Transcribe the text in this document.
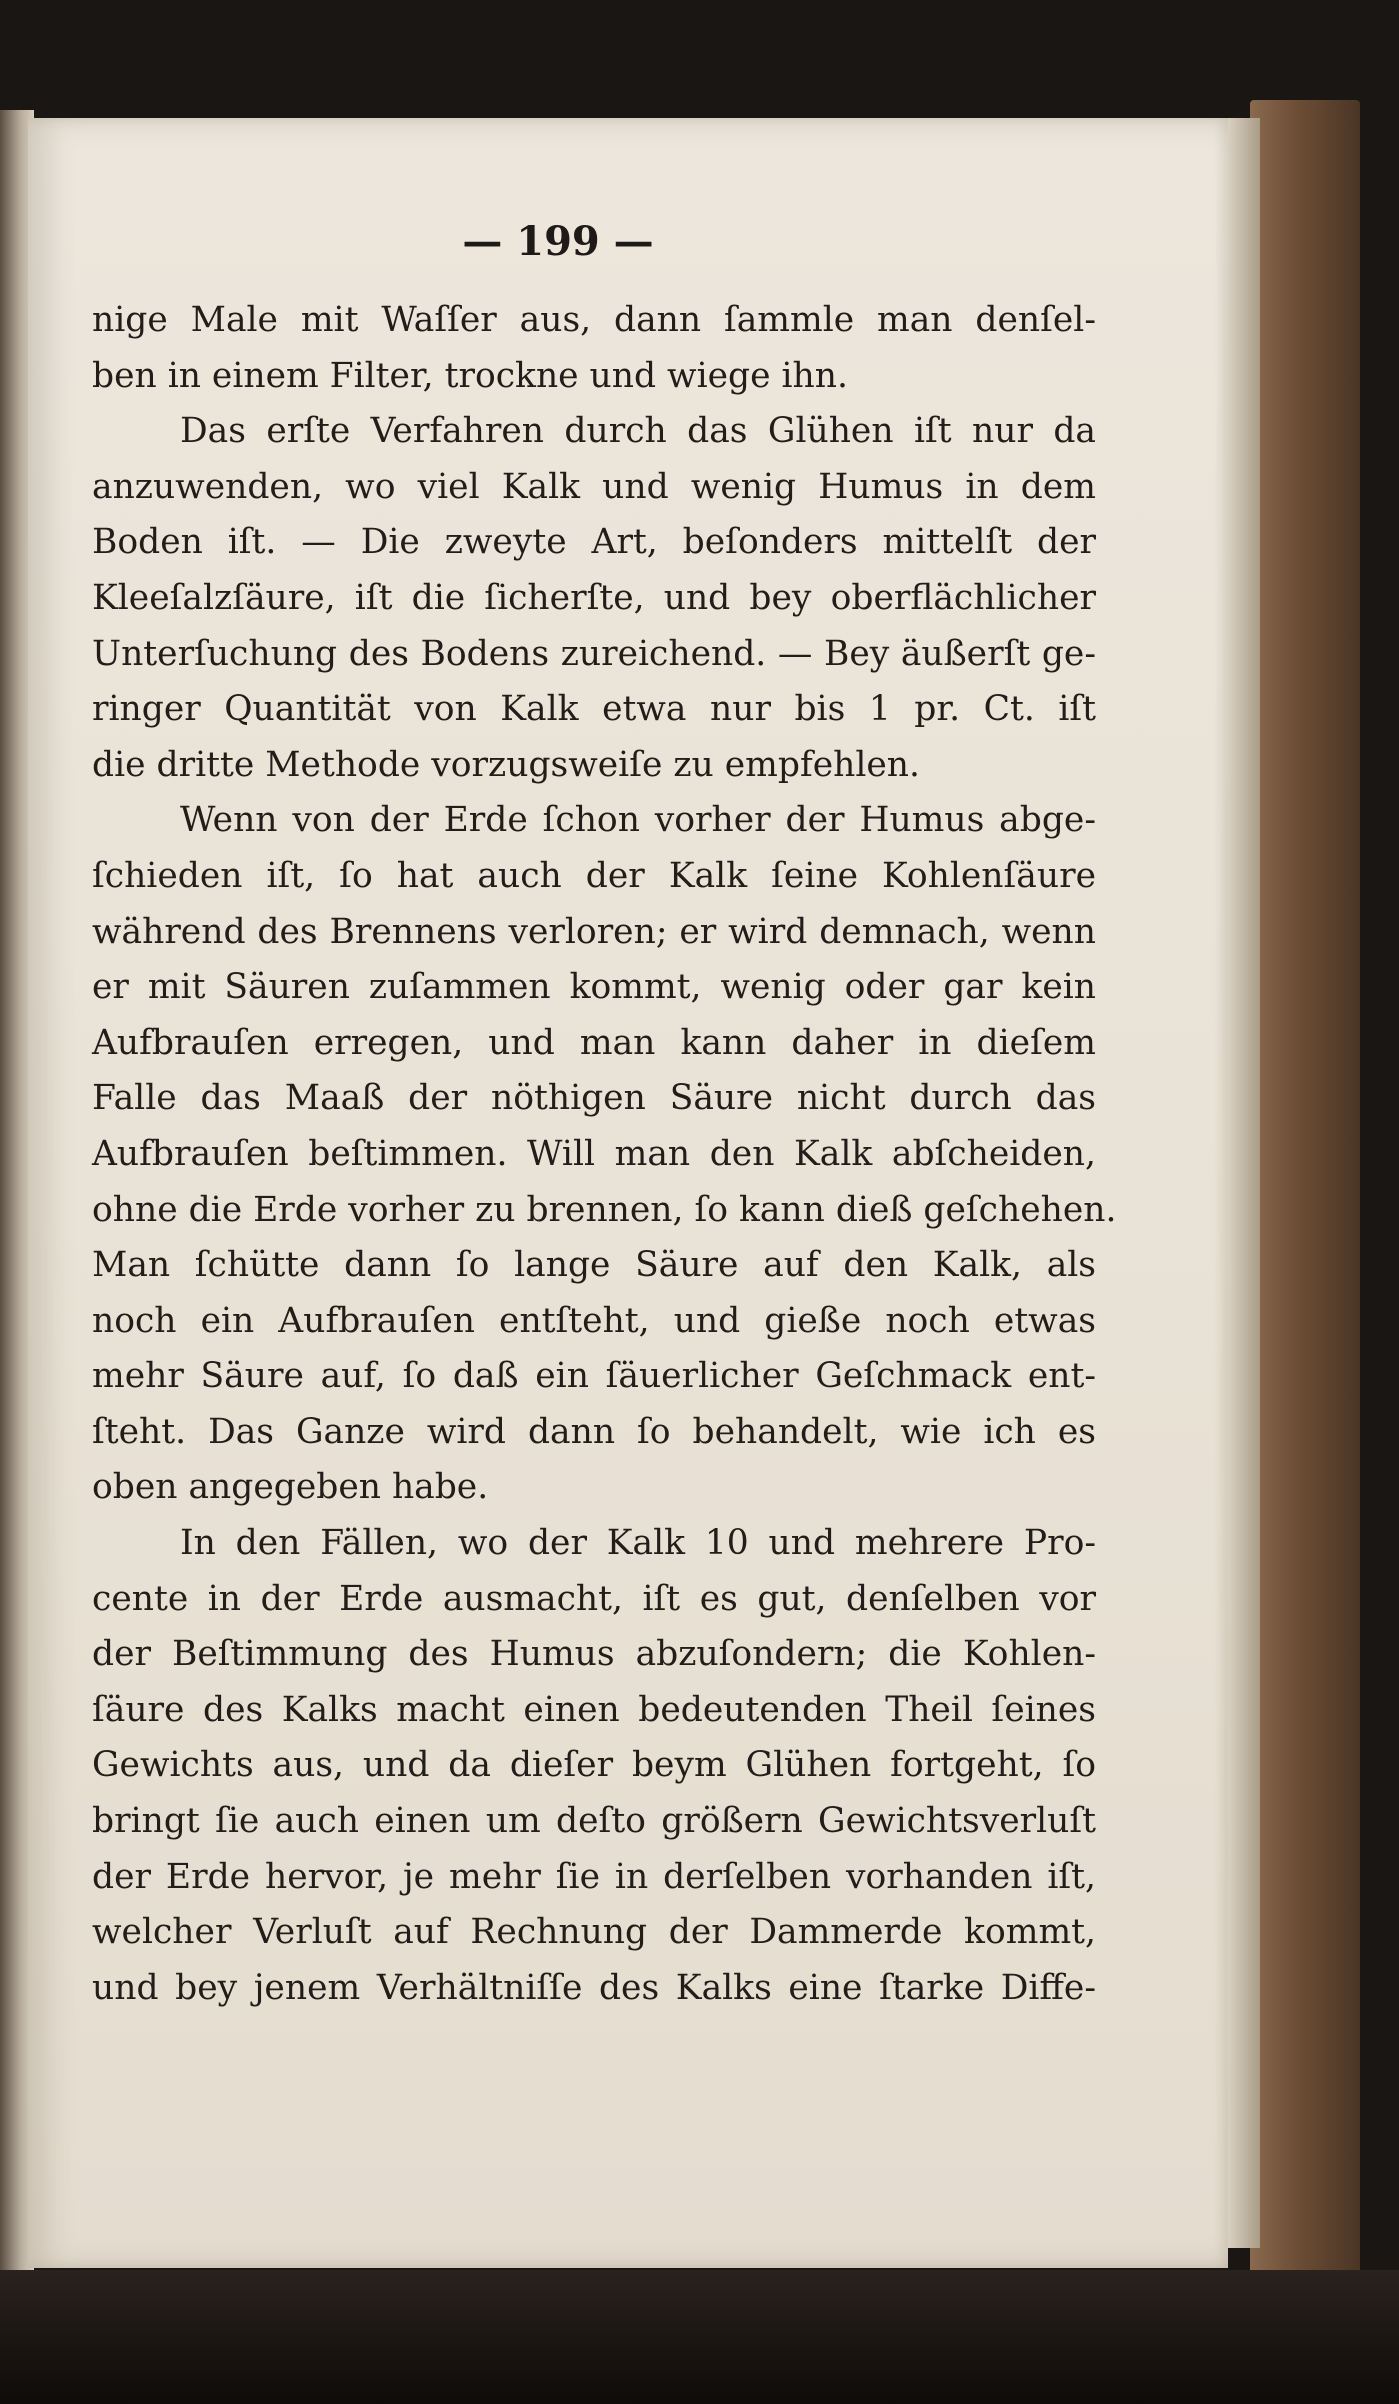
— 199 —
nige Male mit Waſſer aus, dann ſammle man denſel-
ben in einem Filter, trockne und wiege ihn.
Das erſte Verfahren durch das Glühen iſt nur da
anzuwenden, wo viel Kalk und wenig Humus in dem
Boden iſt. — Die zweyte Art, beſonders mittelſt der
Kleeſalzſäure, iſt die ſicherſte, und bey oberflächlicher
Unterſuchung des Bodens zureichend. — Bey äußerſt ge-
ringer Quantität von Kalk etwa nur bis 1 pr. Ct. iſt
die dritte Methode vorzugsweiſe zu empfehlen.
Wenn von der Erde ſchon vorher der Humus abge-
ſchieden iſt, ſo hat auch der Kalk ſeine Kohlenſäure
während des Brennens verloren; er wird demnach, wenn
er mit Säuren zuſammen kommt, wenig oder gar kein
Aufbrauſen erregen, und man kann daher in dieſem
Falle das Maaß der nöthigen Säure nicht durch das
Aufbrauſen beſtimmen. Will man den Kalk abſcheiden,
ohne die Erde vorher zu brennen, ſo kann dieß geſchehen.
Man ſchütte dann ſo lange Säure auf den Kalk, als
noch ein Aufbrauſen entſteht, und gieße noch etwas
mehr Säure auf, ſo daß ein ſäuerlicher Geſchmack ent-
ſteht. Das Ganze wird dann ſo behandelt, wie ich es
oben angegeben habe.
In den Fällen, wo der Kalk 10 und mehrere Pro-
cente in der Erde ausmacht, iſt es gut, denſelben vor
der Beſtimmung des Humus abzuſondern; die Kohlen-
ſäure des Kalks macht einen bedeutenden Theil ſeines
Gewichts aus, und da dieſer beym Glühen fortgeht, ſo
bringt ſie auch einen um deſto größern Gewichtsverluſt
der Erde hervor, je mehr ſie in derſelben vorhanden iſt,
welcher Verluſt auf Rechnung der Dammerde kommt,
und bey jenem Verhältniſſe des Kalks eine ſtarke Diffe-
